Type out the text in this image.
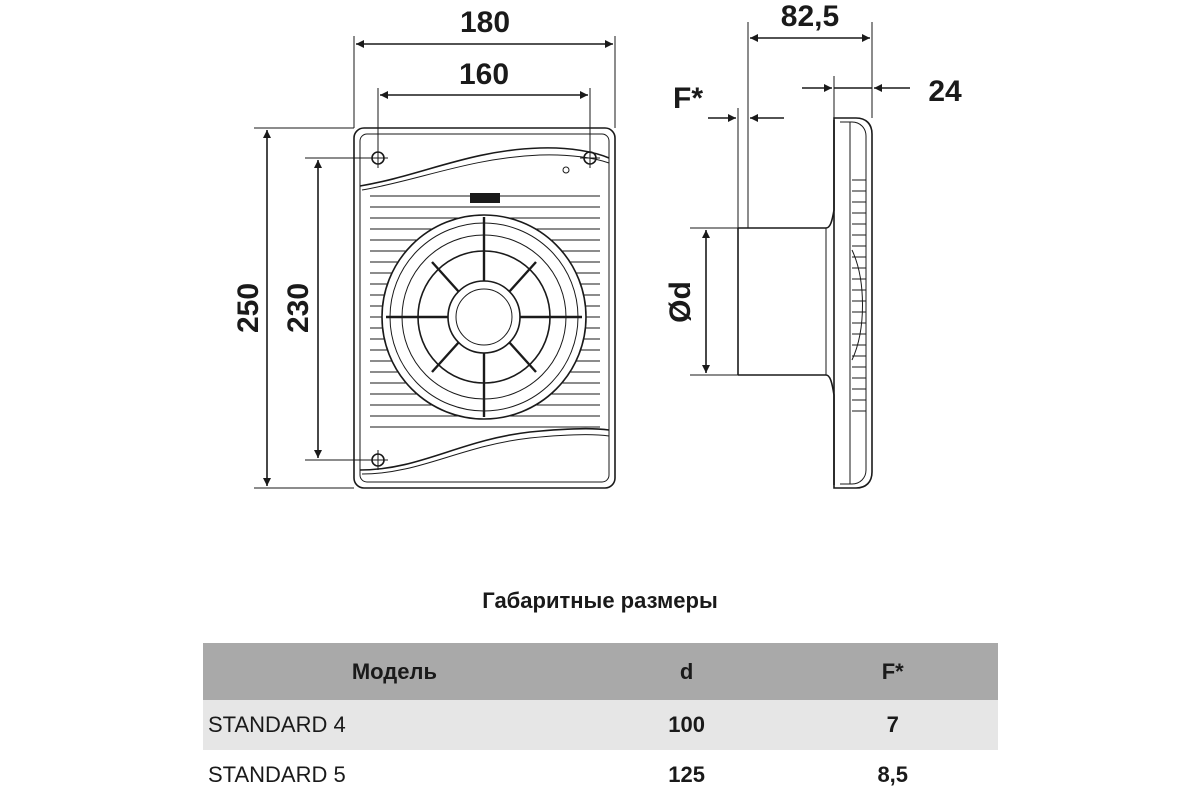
180
160
250 230
82,5
24
F*
Ød
Габаритные размеры
Модель	d	F*
STANDARD 4	100	7
STANDARD 5	125	8,5
